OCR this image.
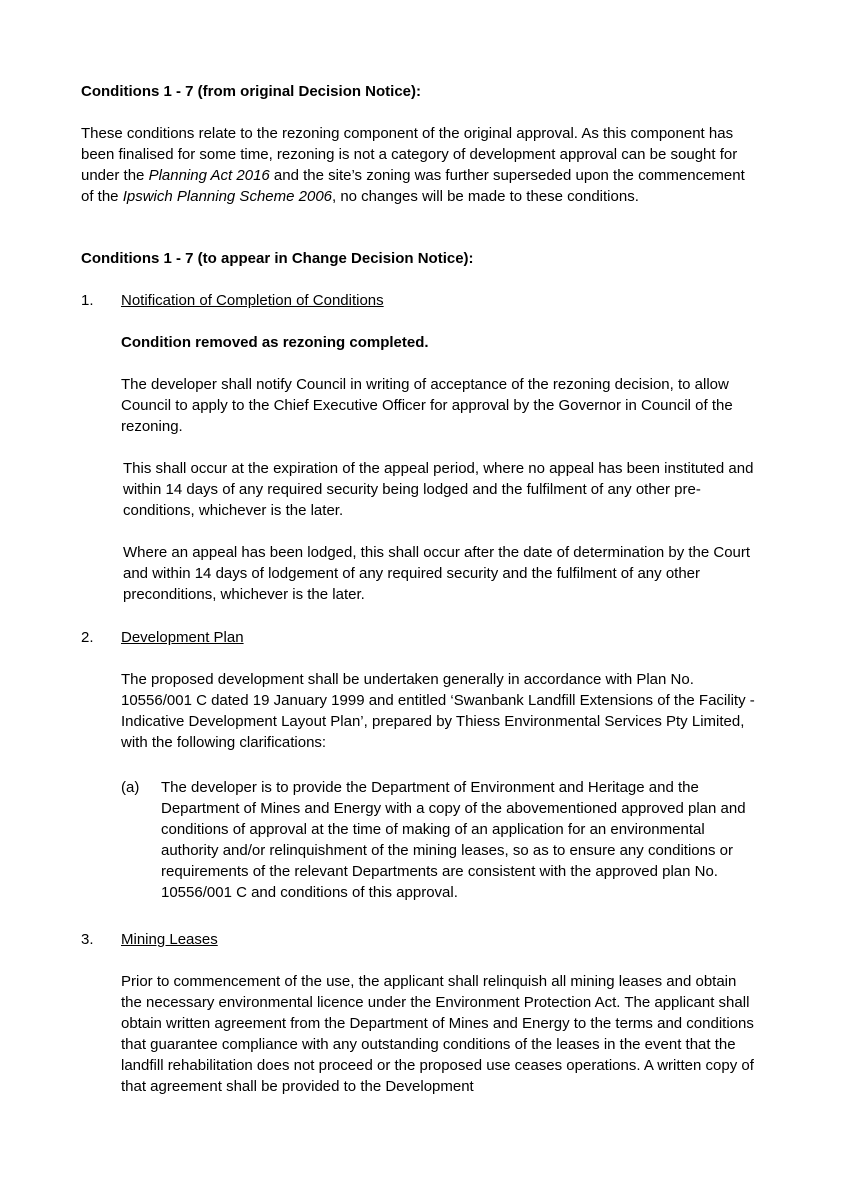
Conditions 1 - 7 (from original Decision Notice):

These conditions relate to the rezoning component of the original approval. As this component has been finalised for some time, rezoning is not a category of development approval can be sought for under the Planning Act 2016 and the site’s zoning was further superseded upon the commencement of the Ipswich Planning Scheme 2006, no changes will be made to these conditions.

Conditions 1 - 7 (to appear in Change Decision Notice):

1. Notification of Completion of Conditions

Condition removed as rezoning completed.

The developer shall notify Council in writing of acceptance of the rezoning decision, to allow Council to apply to the Chief Executive Officer for approval by the Governor in Council of the rezoning.

This shall occur at the expiration of the appeal period, where no appeal has been instituted and within 14 days of any required security being lodged and the fulfilment of any other pre-conditions, whichever is the later.

Where an appeal has been lodged, this shall occur after the date of determination by the Court and within 14 days of lodgement of any required security and the fulfilment of any other preconditions, whichever is the later.

2. Development Plan

The proposed development shall be undertaken generally in accordance with Plan No. 10556/001 C dated 19 January 1999 and entitled ‘Swanbank Landfill Extensions of the Facility - Indicative Development Layout Plan’, prepared by Thiess Environmental Services Pty Limited, with the following clarifications:

(a) The developer is to provide the Department of Environment and Heritage and the Department of Mines and Energy with a copy of the abovementioned approved plan and conditions of approval at the time of making of an application for an environmental authority and/or relinquishment of the mining leases, so as to ensure any conditions or requirements of the relevant Departments are consistent with the approved plan No. 10556/001 C and conditions of this approval.

3. Mining Leases

Prior to commencement of the use, the applicant shall relinquish all mining leases and obtain the necessary environmental licence under the Environment Protection Act. The applicant shall obtain written agreement from the Department of Mines and Energy to the terms and conditions that guarantee compliance with any outstanding conditions of the leases in the event that the landfill rehabilitation does not proceed or the proposed use ceases operations. A written copy of that agreement shall be provided to the Development
